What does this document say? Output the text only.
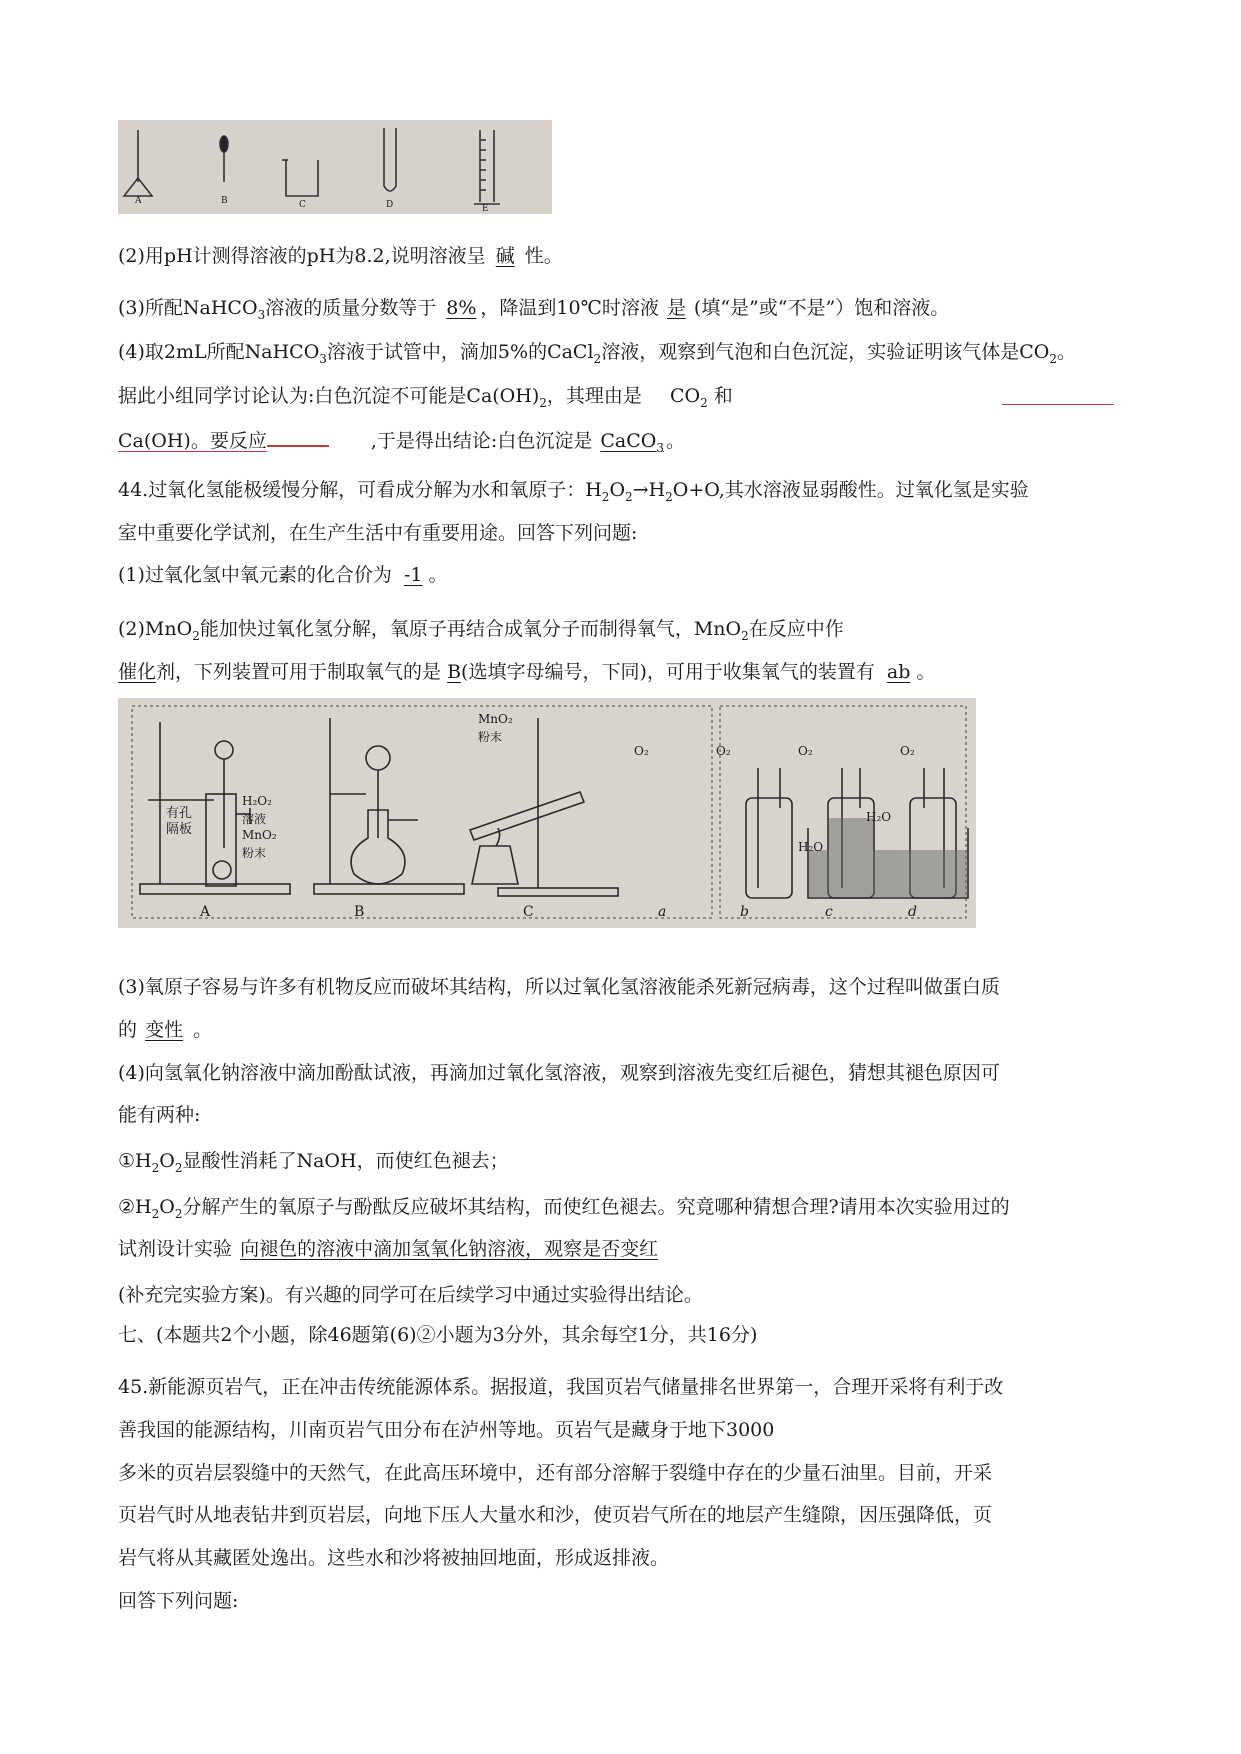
A	B	C	D	E
(2)用pH计测得溶液的pH为8.2,说明溶液呈 碱 性。
(3)所配NaHCO$_3$溶液的质量分数等于 8% ，降温到10℃时溶液 是 (填“是”或“不是”）饱和溶液。
(4)取2mL所配NaHCO$_3$溶液于试管中，滴加5%的CaCl$_2$溶液，观察到气泡和白色沉淀，实验证明该气体是$CO_2$。
据此小组同学讨论认为:白色沉淀不可能是$Ca(OH)_2$，其理由是 $CO_2$ 和
Ca(OH)。要反应	,于是得出结论:白色沉淀是 CaCO$_3$ 。
44.过氧化氢能极缓慢分解，可看成分解为水和氧原子：$H_2O_2\to H_2O+O$,其水溶液显弱酸性。过氧化氢是实验
室中重要化学试剂，在生产生活中有重要用途。回答下列问题:
(1)过氧化氢中氧元素的化合价为 -1 。
(2)MnO$_2$能加快过氧化氢分解，氧原子再结合成氧分子而制得氧气，MnO$_2$在反应中作
催化剂，下列装置可用于制取氧气的是 B(选填字母编号，下同)，可用于收集氧气的装置有 ab 。
A	B	C	a	b	c	d
有孔
隔板
H₂O₂
溶液
MnO₂
粉末
MnO₂
粉末
H₂O
H₂O
O₂	O₂	O₂	O₂
(3)氧原子容易与许多有机物反应而破坏其结构，所以过氧化氢溶液能杀死新冠病毒，这个过程叫做蛋白质
的 变性 。
(4)向氢氧化钠溶液中滴加酚酞试液，再滴加过氧化氢溶液，观察到溶液先变红后褪色，猜想其褪色原因可
能有两种:
$①H_2O_2$显酸性消耗了NaOH，而使红色褪去；
$②H_2O_2$分解产生的氧原子与酚酞反应破坏其结构，而使红色褪去。究竟哪种猜想合理?请用本次实验用过的
试剂设计实验 向褪色的溶液中滴加氢氧化钠溶液，观察是否变红
(补充完实验方案)。有兴趣的同学可在后续学习中通过实验得出结论。
七、(本题共2个小题，除46题第(6)②小题为3分外，其余每空1分，共16分)
45.新能源页岩气，正在冲击传统能源体系。据报道，我国页岩气储量排名世界第一，合理开采将有利于改
善我国的能源结构，川南页岩气田分布在泸州等地。页岩气是藏身于地下3000
多米的页岩层裂缝中的天然气，在此高压环境中，还有部分溶解于裂缝中存在的少量石油里。目前，开采
页岩气时从地表钻井到页岩层，向地下压人大量水和沙，使页岩气所在的地层产生缝隙，因压强降低，页
岩气将从其藏匿处逸出。这些水和沙将被抽回地面，形成返排液。
回答下列问题:
